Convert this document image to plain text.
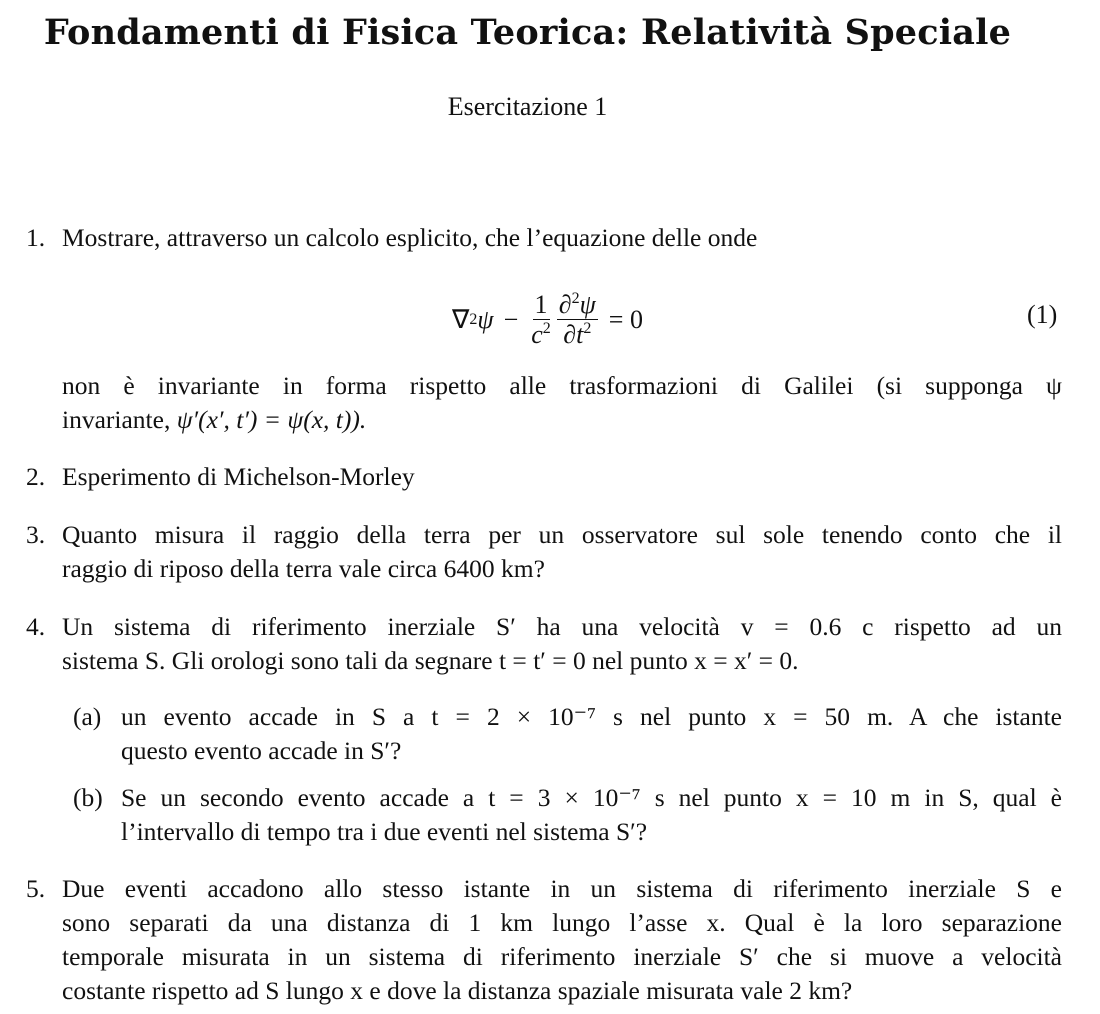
Fondamenti di Fisica Teorica: Relatività Speciale
Esercitazione 1
1. Mostrare, attraverso un calcolo esplicito, che l’equazione delle onde
∇ 2 $\psi - \frac{1}{c^2} \frac{\partial^2\psi}{\partial t^2} = 0$	(1)
non è invariante in forma rispetto alle trasformazioni di Galilei (si supponga ψ
invariante, ψ′(x′, t′) = ψ(x, t)).
2. Esperimento di Michelson-Morley
3. Quanto misura il raggio della terra per un osservatore sul sole tenendo conto che il
raggio di riposo della terra vale circa 6400 km?
4. Un sistema di riferimento inerziale S′ ha una velocità v = 0.6 c rispetto ad un
sistema S. Gli orologi sono tali da segnare t = t′ = 0 nel punto x = x′ = 0.
(a) un evento accade in S a t = 2 × 10⁻⁷ s nel punto x = 50 m. A che istante
questo evento accade in S′?
(b) Se un secondo evento accade a t = 3 × 10⁻⁷ s nel punto x = 10 m in S, qual è
l’intervallo di tempo tra i due eventi nel sistema S′?
5. Due eventi accadono allo stesso istante in un sistema di riferimento inerziale S e
sono separati da una distanza di 1 km lungo l’asse x. Qual è la loro separazione
temporale misurata in un sistema di riferimento inerziale S′ che si muove a velocità
costante rispetto ad S lungo x e dove la distanza spaziale misurata vale 2 km?
